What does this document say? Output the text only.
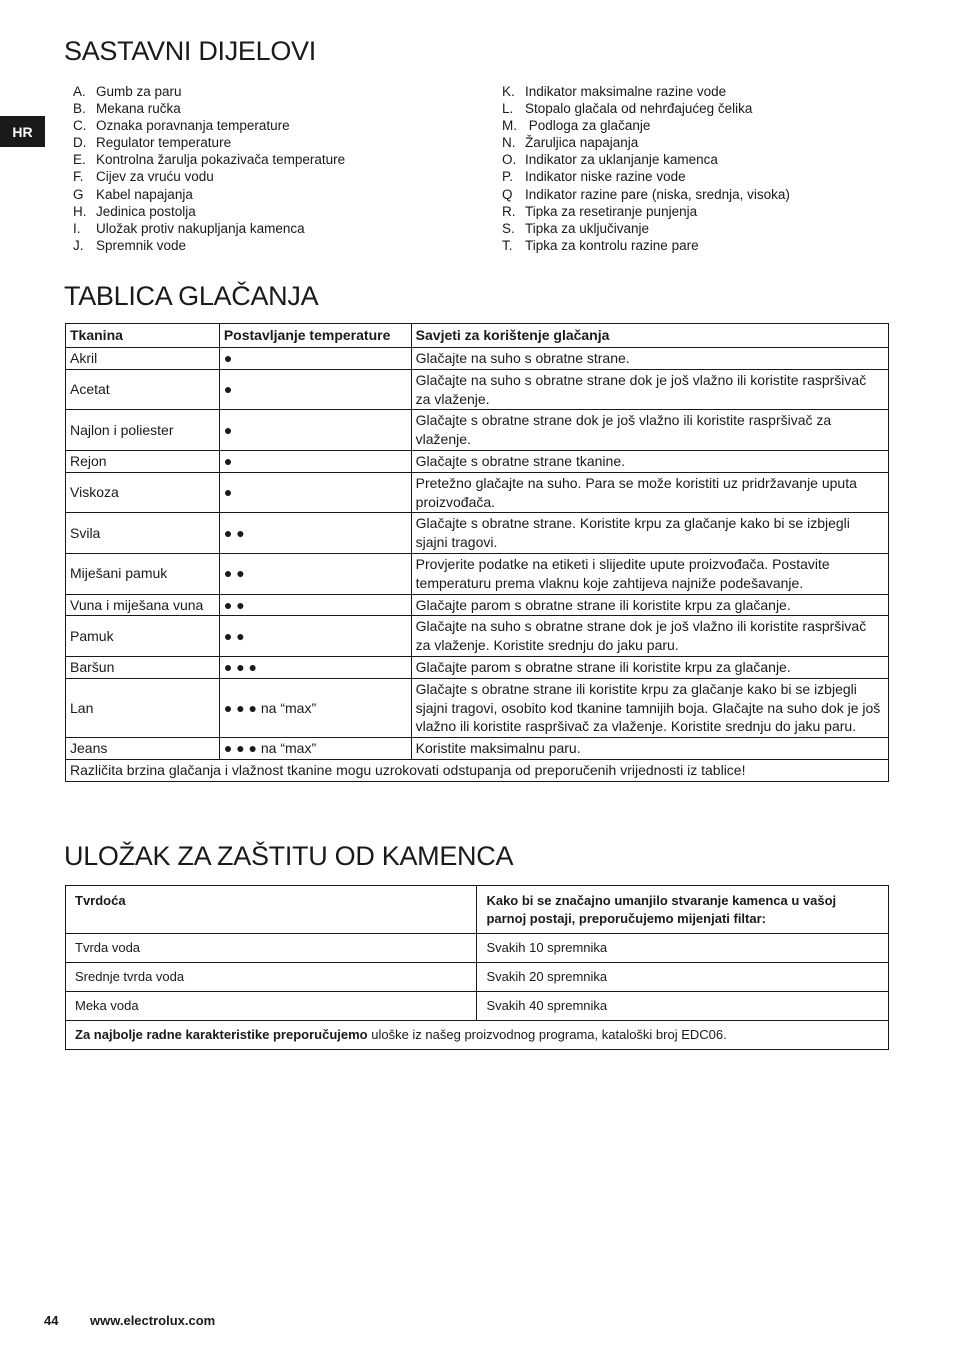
HR
SASTAVNI DIJELOVI
A. Gumb za paru
B. Mekana ručka
C. Oznaka poravnanja temperature
D. Regulator temperature
E. Kontrolna žarulja pokazivača temperature
F. Cijev za vruću vodu
G Kabel napajanja
H. Jedinica postolja
I. Uložak protiv nakupljanja kamenca
J. Spremnik vode
K. Indikator maksimalne razine vode
L. Stopalo glačala od nehrđajućeg čelika
M. Podloga za glačanje
N. Žaruljica napajanja
O. Indikator za uklanjanje kamenca
P. Indikator niske razine vode
Q Indikator razine pare (niska, srednja, visoka)
R. Tipka za resetiranje punjenja
S. Tipka za uključivanje
T. Tipka za kontrolu razine pare
TABLICA GLAČANJA
Tkanina	Postavljanje temperature	Savjeti za korištenje glačanja
Akril	●	Glačajte na suho s obratne strane.
Acetat	●	Glačajte na suho s obratne strane dok je još vlažno ili koristite raspršivač za vlaženje.
Najlon i poliester	●	Glačajte s obratne strane dok je još vlažno ili koristite raspršivač za vlaženje.
Rejon	●	Glačajte s obratne strane tkanine.
Viskoza	●	Pretežno glačajte na suho. Para se može koristiti uz pridržavanje uputa proizvođača.
Svila	● ●	Glačajte s obratne strane. Koristite krpu za glačanje kako bi se izbjegli sjajni tragovi.
Miješani pamuk	● ●	Provjerite podatke na etiketi i slijedite upute proizvođača. Postavite temperaturu prema vlaknu koje zahtijeva najniže podešavanje.
Vuna i miješana vuna	● ●	Glačajte parom s obratne strane ili koristite krpu za glačanje.
Pamuk	● ●	Glačajte na suho s obratne strane dok je još vlažno ili koristite raspršivač za vlaženje. Koristite srednju do jaku paru.
Baršun	● ● ●	Glačajte parom s obratne strane ili koristite krpu za glačanje.
Lan	● ● ● na “max”	Glačajte s obratne strane ili koristite krpu za glačanje kako bi se izbjegli sjajni tragovi, osobito kod tkanine tamnijih boja. Glačajte na suho dok je još vlažno ili koristite raspršivač za vlaženje. Koristite srednju do jaku paru.
Jeans	● ● ● na “max”	Koristite maksimalnu paru.
Različita brzina glačanja i vlažnost tkanine mogu uzrokovati odstupanja od preporučenih vrijednosti iz tablice!		
ULOŽAK ZA ZAŠTITU OD KAMENCA
Tvrdoća	Kako bi se značajno umanjilo stvaranje kamenca u vašoj parnoj postaji, preporučujemo mijenjati filtar:
Tvrda voda	Svakih 10 spremnika
Srednje tvrda voda	Svakih 20 spremnika
Meka voda	Svakih 40 spremnika
Za najbolje radne karakteristike preporučujemo uloške iz našeg proizvodnog programa, kataloški broj EDC06.	
44 www.electrolux.com
